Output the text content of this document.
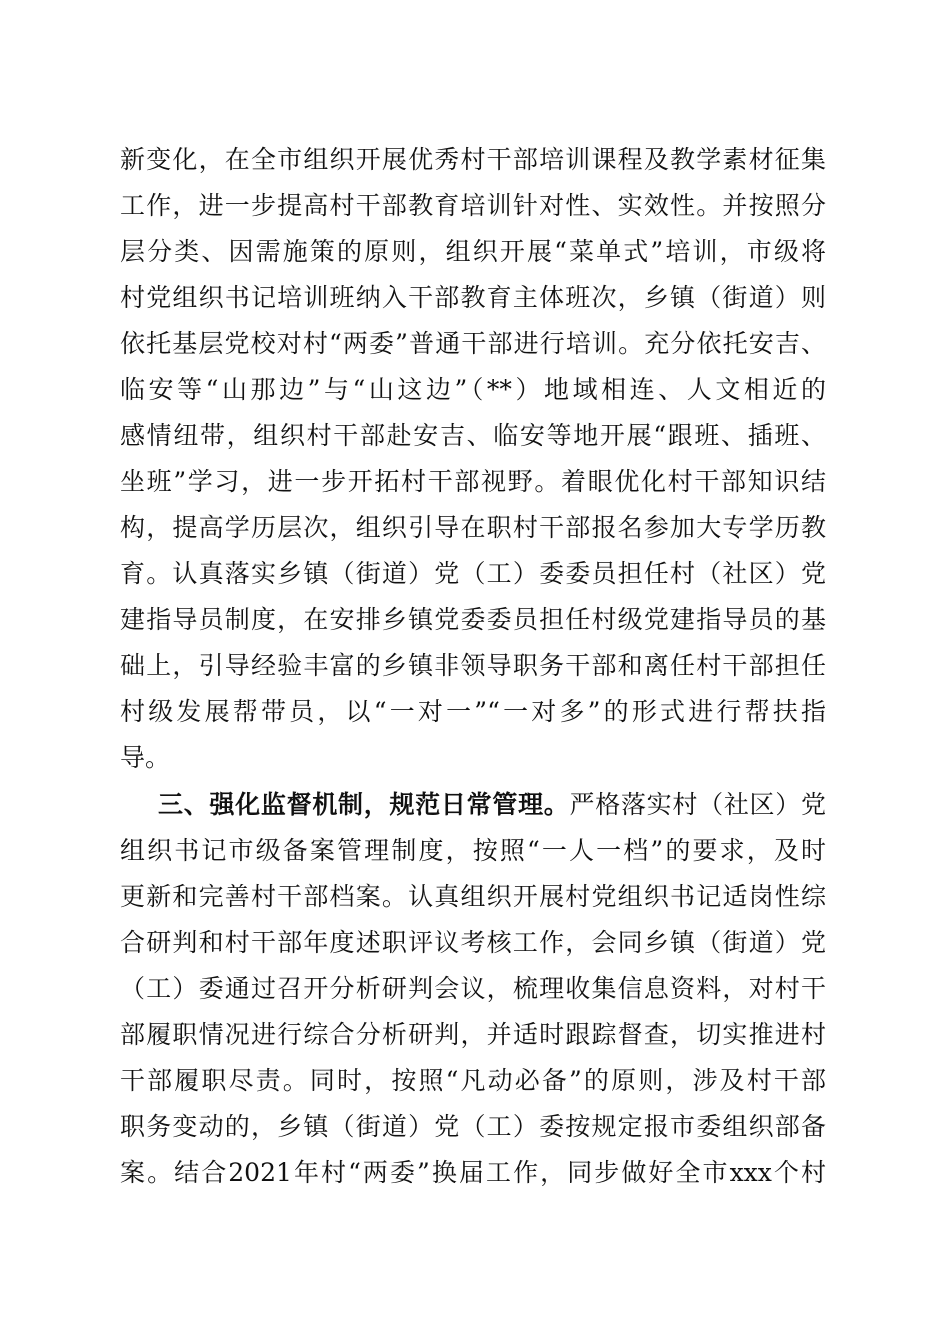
新变化，在全市组织开展优秀村干部培训课程及教学素材征集
工作，进一步提高村干部教育培训针对性、实效性。并按照分
层分类、因需施策的原则，组织开展“菜单式”培训，市级将
村党组织书记培训班纳入干部教育主体班次，乡镇（街道）则
依托基层党校对村“两委”普通干部进行培训。充分依托安吉、
临安等“山那边”与“山这边”（**）地域相连、人文相近的
感情纽带，组织村干部赴安吉、临安等地开展“跟班、插班、
坐班”学习，进一步开拓村干部视野。着眼优化村干部知识结
构，提高学历层次，组织引导在职村干部报名参加大专学历教
育。认真落实乡镇（街道）党（工）委委员担任村（社区）党
建指导员制度，在安排乡镇党委委员担任村级党建指导员的基
础上，引导经验丰富的乡镇非领导职务干部和离任村干部担任
村级发展帮带员，以“一对一”“一对多”的形式进行帮扶指
导。
三、强化监督机制，规范日常管理。严格落实村（社区）党
组织书记市级备案管理制度，按照“一人一档”的要求，及时
更新和完善村干部档案。认真组织开展村党组织书记适岗性综
合研判和村干部年度述职评议考核工作，会同乡镇（街道）党
（工）委通过召开分析研判会议，梳理收集信息资料，对村干
部履职情况进行综合分析研判，并适时跟踪督查，切实推进村
干部履职尽责。同时，按照“凡动必备”的原则，涉及村干部
职务变动的，乡镇（街道）党（工）委按规定报市委组织部备
案。结合2021年村“两委”换届工作，同步做好全市xxx个村
